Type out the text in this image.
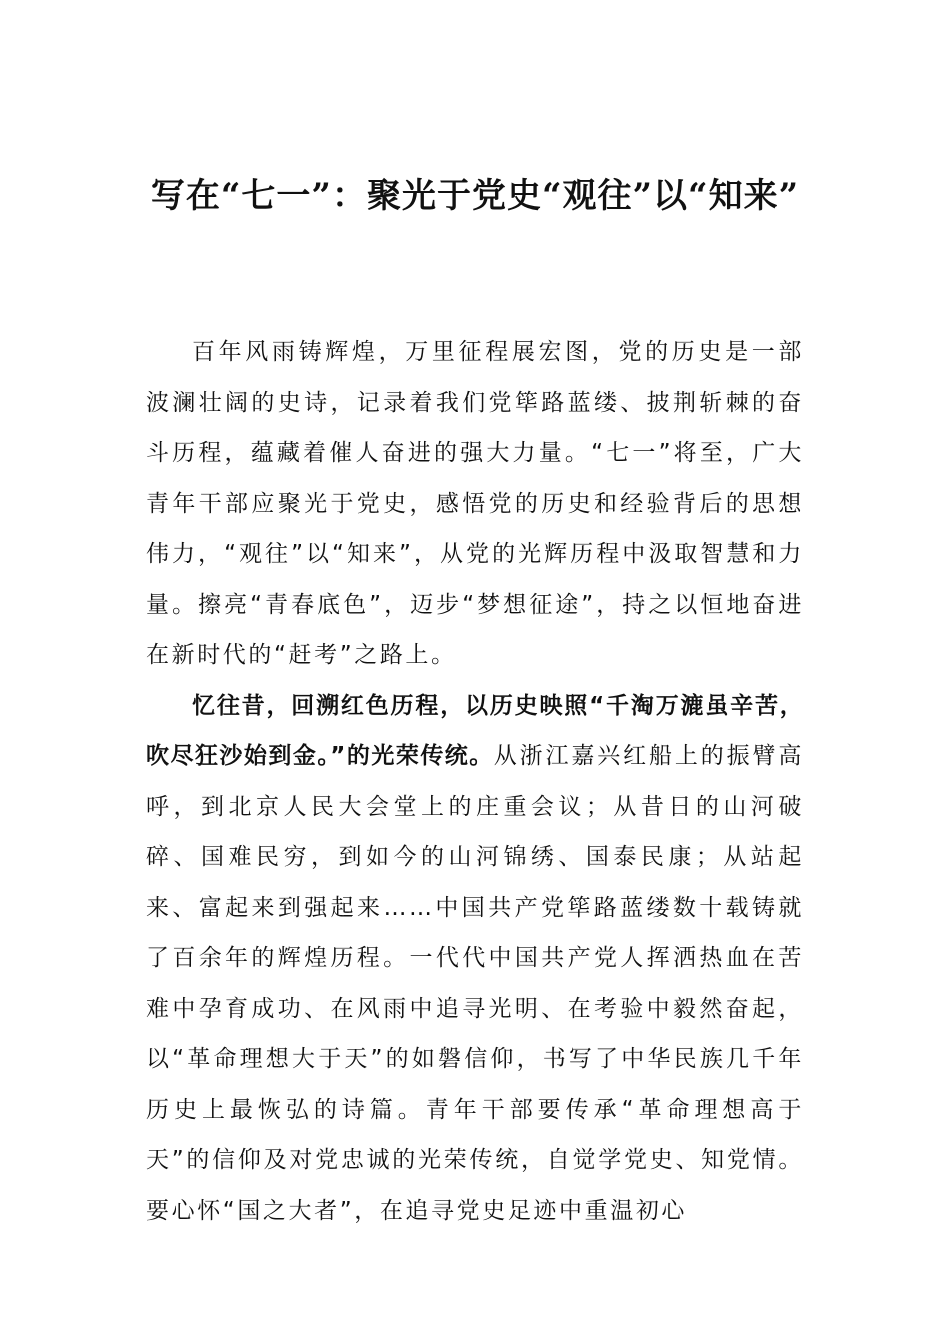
写在“七一”：聚光于党史“观往”以“知来”

百年风雨铸辉煌，万里征程展宏图，党的历史是一部波澜壮阔的史诗，记录着我们党筚路蓝缕、披荆斩棘的奋斗历程，蕴藏着催人奋进的强大力量。“七一”将至，广大青年干部应聚光于党史，感悟党的历史和经验背后的思想伟力，“观往”以“知来”，从党的光辉历程中汲取智慧和力量。擦亮“青春底色”，迈步“梦想征途”，持之以恒地奋进在新时代的“赶考”之路上。

忆往昔，回溯红色历程，以历史映照“千淘万漉虽辛苦，吹尽狂沙始到金。”的光荣传统。从浙江嘉兴红船上的振臂高呼，到北京人民大会堂上的庄重会议；从昔日的山河破碎、国难民穷，到如今的山河锦绣、国泰民康；从站起来、富起来到强起来……中国共产党筚路蓝缕数十载铸就了百余年的辉煌历程。一代代中国共产党人挥洒热血在苦难中孕育成功、在风雨中追寻光明、在考验中毅然奋起，以“革命理想大于天”的如磐信仰，书写了中华民族几千年历史上最恢弘的诗篇。青年干部要传承“革命理想高于天”的信仰及对党忠诚的光荣传统，自觉学党史、知党情。要心怀“国之大者”，在追寻党史足迹中重温初心
